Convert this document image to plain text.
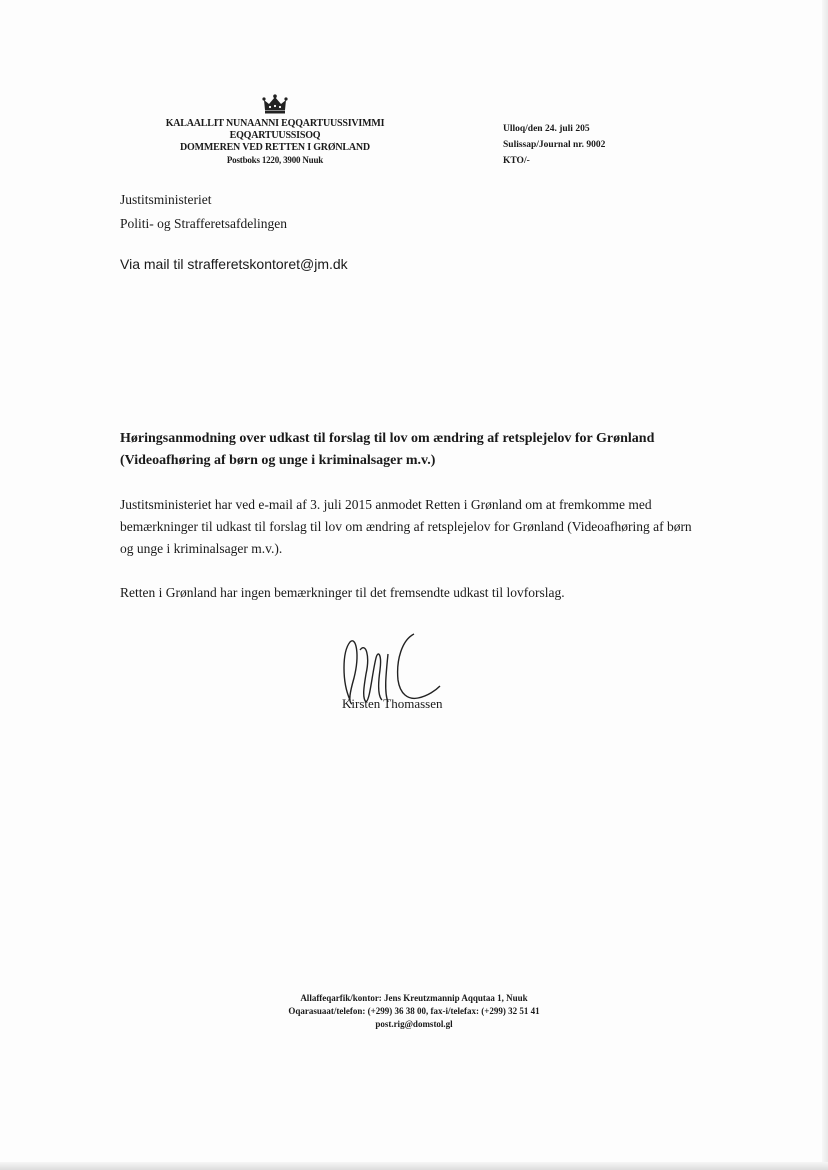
KALAALLIT NUNAANNI EQQARTUUSSIVIMMI
EQQARTUUSSISOQ
DOMMEREN VED RETTEN I GRØNLAND
Postboks 1220, 3900 Nuuk
Ulloq/den 24. juli 205
Sulissap/Journal nr. 9002
KTO/-
Justitsministeriet
Politi- og Strafferetsafdelingen
Via mail til strafferetskontoret@jm.dk
Høringsanmodning over udkast til forslag til lov om ændring af retsplejelov for Grønland (Videoafhøring af børn og unge i kriminalsager m.v.)

Justitsministeriet har ved e-mail af 3. juli 2015 anmodet Retten i Grønland om at fremkomme med bemærkninger til udkast til forslag til lov om ændring af retsplejelov for Grønland (Videoafhøring af børn og unge i kriminalsager m.v.).

Retten i Grønland har ingen bemærkninger til det fremsendte udkast til lovforslag.

Kirsten Thomassen
Allaffeqarfik/kontor: Jens Kreutzmannip Aqqutaa 1, Nuuk
Oqarasuaat/telefon: (+299) 36 38 00, fax-i/telefax: (+299) 32 51 41
post.rig@domstol.gl
